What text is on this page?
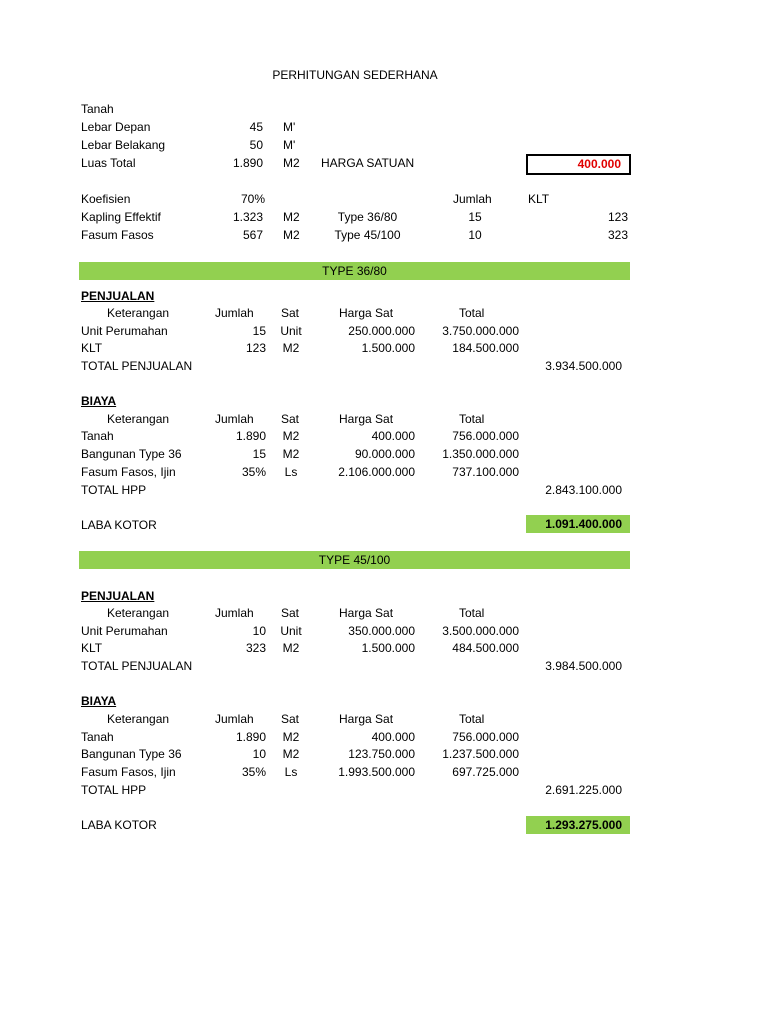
PERHITUNGAN SEDERHANA
Tanah
Lebar Depan	45 M'
Lebar Belakang	50 M'
Luas Total	1.890 M2 HARGA SATUAN	400.000
Koefisien	70%	Jumlah	KLT
Kapling Effektif	1.323 M2	Type 36/80	15	123
Fasum Fasos	567 M2	Type 45/100	10	323
TYPE 36/80
PENJUALAN
Keterangan	Jumlah Sat	Harga Sat	Total
Unit Perumahan	15	Unit	250.000.000	3.750.000.000
KLT	123	M2	1.500.000	184.500.000
TOTAL PENJUALAN	3.934.500.000
BIAYA
Keterangan	Jumlah Sat	Harga Sat	Total
Tanah	1.890	M2	400.000	756.000.000
Bangunan Type 36	15	M2	90.000.000	1.350.000.000
Fasum Fasos, Ijin	35%	Ls	2.106.000.000	737.100.000
TOTAL HPP	2.843.100.000
LABA KOTOR	1.091.400.000
TYPE 45/100
PENJUALAN
Keterangan	Jumlah Sat	Harga Sat	Total
Unit Perumahan	10	Unit	350.000.000	3.500.000.000
KLT	323	M2	1.500.000	484.500.000
TOTAL PENJUALAN	3.984.500.000
BIAYA
Keterangan	Jumlah Sat	Harga Sat	Total
Tanah	1.890	M2	400.000	756.000.000
Bangunan Type 36	10	M2	123.750.000	1.237.500.000
Fasum Fasos, Ijin	35%	Ls	1.993.500.000	697.725.000
TOTAL HPP	2.691.225.000
LABA KOTOR	1.293.275.000
